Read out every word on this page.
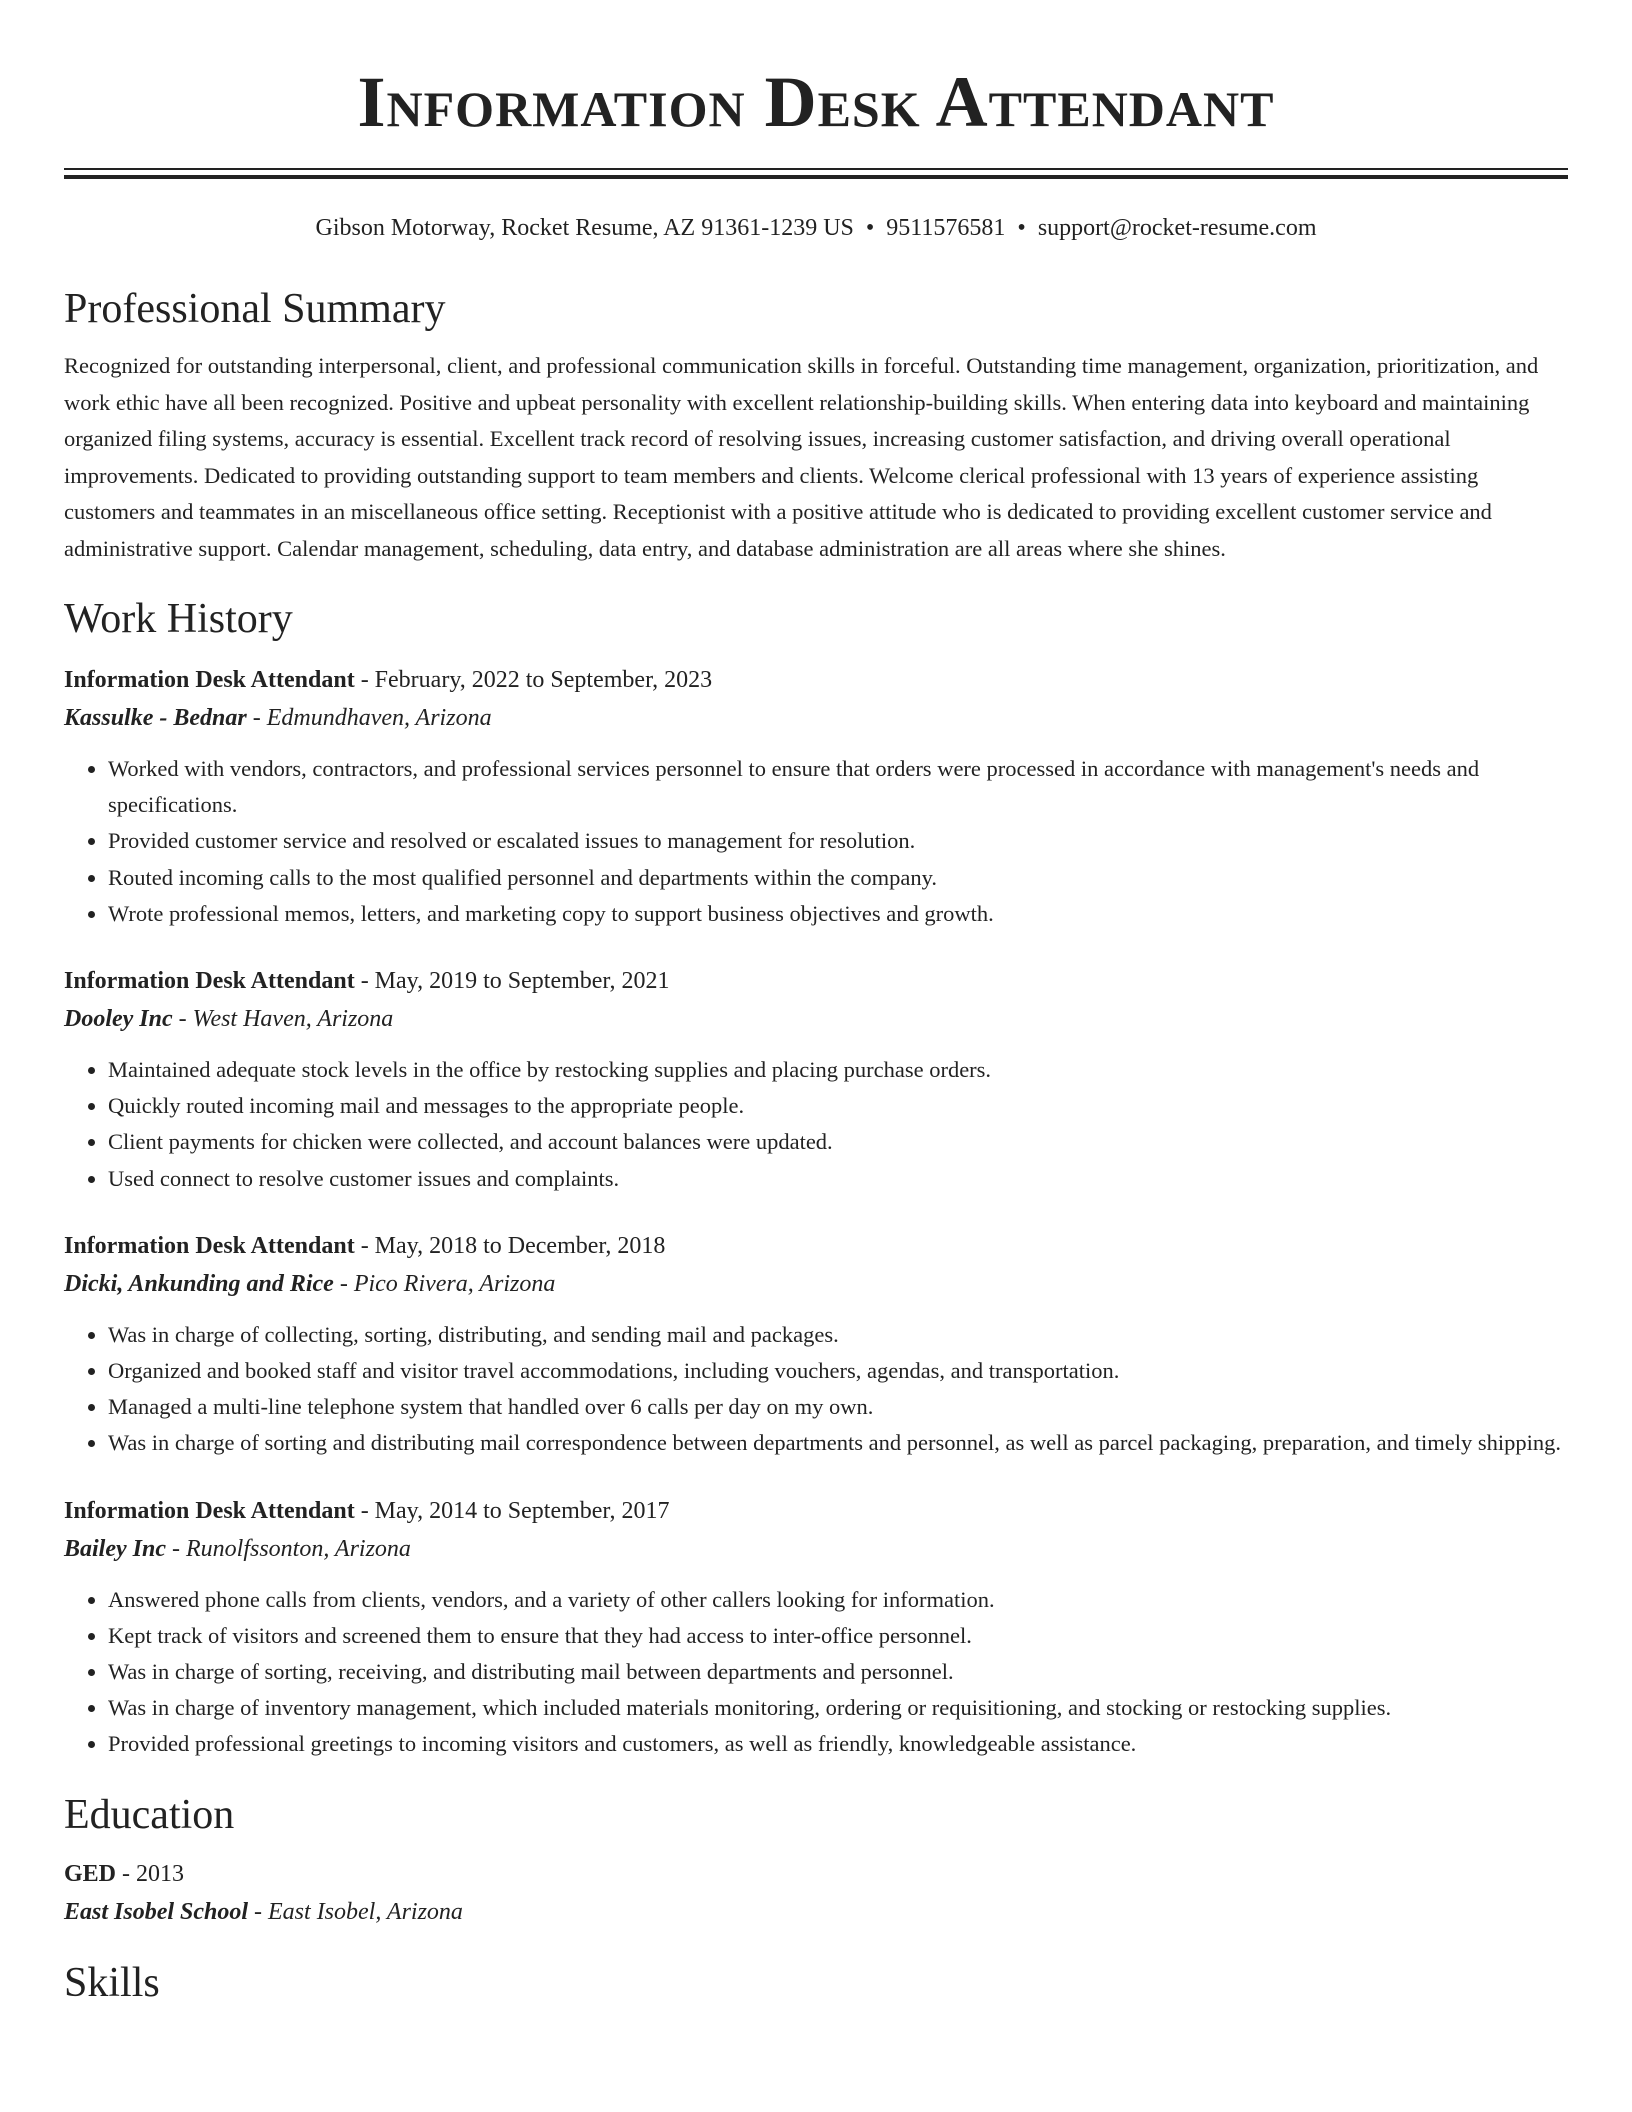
Information Desk Attendant
Gibson Motorway, Rocket Resume, AZ 91361-1239 US • 9511576581 • support@rocket-resume.com
Professional Summary

Recognized for outstanding interpersonal, client, and professional communication skills in forceful. Outstanding time management, organization, prioritization, and work ethic have all been recognized. Positive and upbeat personality with excellent relationship-building skills. When entering data into keyboard and maintaining organized filing systems, accuracy is essential. Excellent track record of resolving issues, increasing customer satisfaction, and driving overall operational improvements. Dedicated to providing outstanding support to team members and clients. Welcome clerical professional with 13 years of experience assisting customers and teammates in an miscellaneous office setting. Receptionist with a positive attitude who is dedicated to providing excellent customer service and administrative support. Calendar management, scheduling, data entry, and database administration are all areas where she shines.

Work History
Information Desk Attendant - February, 2022 to September, 2023
Kassulke - Bednar - Edmundhaven, Arizona
• Worked with vendors, contractors, and professional services personnel to ensure that orders were processed in accordance with management's needs and specifications.
• Provided customer service and resolved or escalated issues to management for resolution.
• Routed incoming calls to the most qualified personnel and departments within the company.
• Wrote professional memos, letters, and marketing copy to support business objectives and growth.
Information Desk Attendant - May, 2019 to September, 2021
Dooley Inc - West Haven, Arizona
• Maintained adequate stock levels in the office by restocking supplies and placing purchase orders.
• Quickly routed incoming mail and messages to the appropriate people.
• Client payments for chicken were collected, and account balances were updated.
• Used connect to resolve customer issues and complaints.
Information Desk Attendant - May, 2018 to December, 2018
Dicki, Ankunding and Rice - Pico Rivera, Arizona
• Was in charge of collecting, sorting, distributing, and sending mail and packages.
• Organized and booked staff and visitor travel accommodations, including vouchers, agendas, and transportation.
• Managed a multi-line telephone system that handled over 6 calls per day on my own.
• Was in charge of sorting and distributing mail correspondence between departments and personnel, as well as parcel packaging, preparation, and timely shipping.
Information Desk Attendant - May, 2014 to September, 2017
Bailey Inc - Runolfssonton, Arizona
• Answered phone calls from clients, vendors, and a variety of other callers looking for information.
• Kept track of visitors and screened them to ensure that they had access to inter-office personnel.
• Was in charge of sorting, receiving, and distributing mail between departments and personnel.
• Was in charge of inventory management, which included materials monitoring, ordering or requisitioning, and stocking or restocking supplies.
• Provided professional greetings to incoming visitors and customers, as well as friendly, knowledgeable assistance.
Education
GED - 2013
East Isobel School - East Isobel, Arizona
Skills
